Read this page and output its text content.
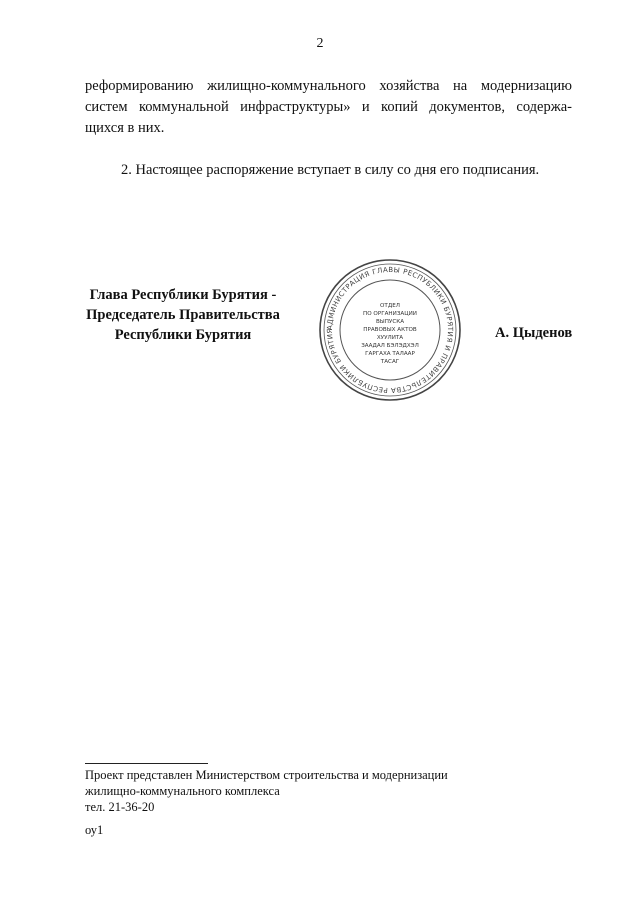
2
реформированию жилищно-коммунального хозяйства на модернизацию
систем коммунальной инфраструктуры» и копий документов, содержа-
щихся в них.
2. Настоящее распоряжение вступает в силу со дня его подписания.
Глава Республики Бурятия -
Председатель Правительства
Республики Бурятия	АДМИНИСТРАЦИЯ ГЛАВЫ РЕСПУБЛИКИ БУРЯТИЯ И ПРАВИТЕЛЬСТВА РЕСПУБЛИКИ БУРЯТИЯ
ОТДЕЛ
ПО ОРГАНИЗАЦИИ
ВЫПУСКА
ПРАВОВЫХ АКТОВ
ХУУЛИТА
ЗААДАЛ БЭЛЭДХЭЛ
ГАРГАХА ТАЛААР
ТАСАГ
А. Цыденов
Проект представлен Министерством строительства и модернизации
жилищно-коммунального комплекса
тел. 21-36-20
оу1
